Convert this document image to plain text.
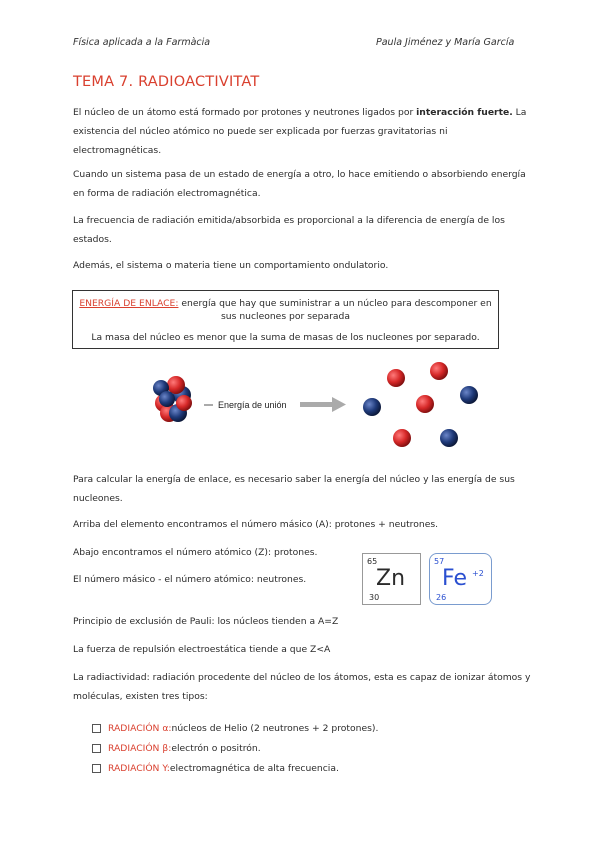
Física aplicada a la Farmàcia	Paula Jiménez y María García
TEMA 7. RADIOACTIVITAT
El núcleo de un átomo está formado por protones y neutrones ligados por interacción fuerte. La existencia del núcleo atómico no puede ser explicada por fuerzas gravitatorias ni electromagnéticas.
Cuando un sistema pasa de un estado de energía a otro, lo hace emitiendo o absorbiendo energía en forma de radiación electromagnética.
La frecuencia de radiación emitida/absorbida es proporcional a la diferencia de energía de los estados.
Además, el sistema o materia tiene un comportamiento ondulatorio.
ENERGÍA DE ENLACE: energía que hay que suministrar a un núcleo para descomponer en sus nucleones por separada
La masa del núcleo es menor que la suma de masas de los nucleones por separado.
Energía de unión
Para calcular la energía de enlace, es necesario saber la energía del núcleo y las energía de sus nucleones.
Arriba del elemento encontramos el número másico (A): protones + neutrones.
Abajo encontramos el número atómico (Z): protones.
El número másico - el número atómico: neutrones.
65
Zn
30
57
Fe +2
26
Principio de exclusión de Pauli: los núcleos tienden a A=Z
La fuerza de repulsión electroestática tiende a que Z<A
La radiactividad: radiación procedente del núcleo de los átomos, esta es capaz de ionizar átomos y moléculas, existen tres tipos:
RADIACIÓN α: núcleos de Helio (2 neutrones + 2 protones).
RADIACIÓN β: electrón o positrón.
RADIACIÓN Y: electromagnética de alta frecuencia.
